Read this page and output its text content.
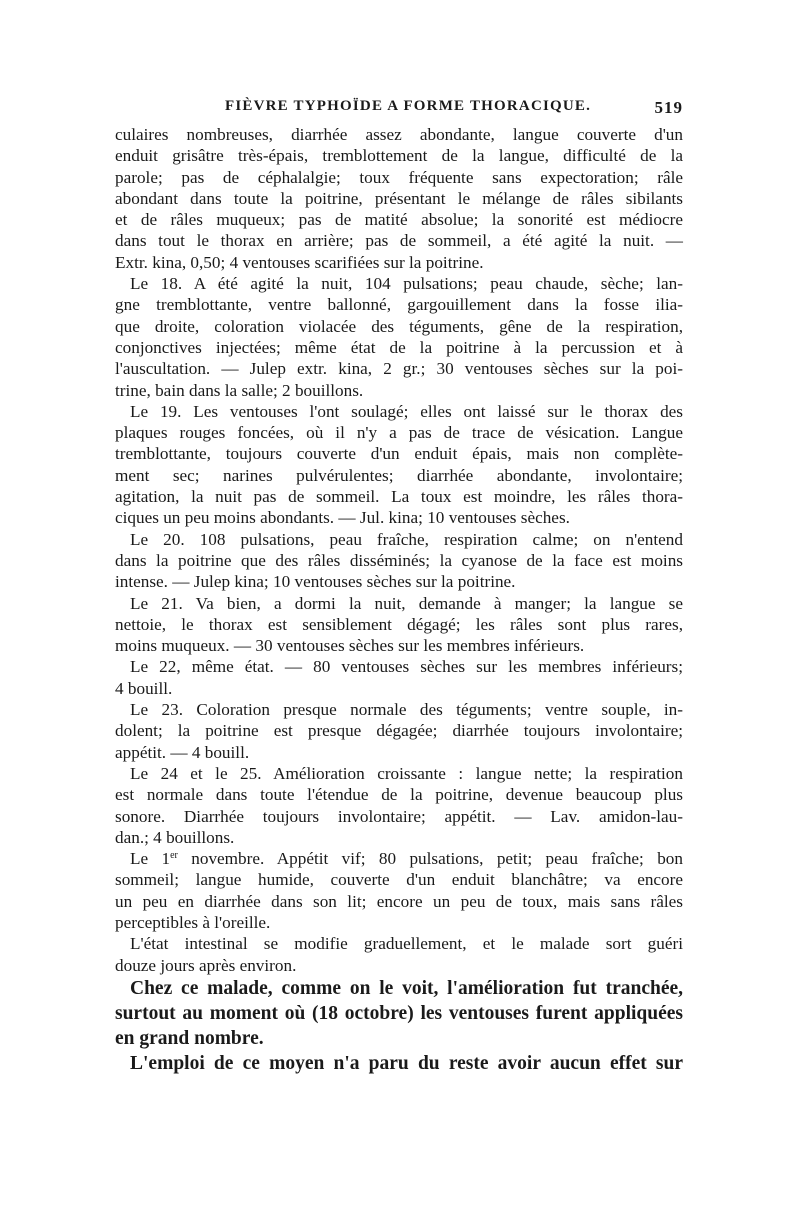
FIÈVRE TYPHOÏDE A FORME THORACIQUE.	519
culaires nombreuses, diarrhée assez abondante, langue couverte d'un
enduit grisâtre très-épais, tremblottement de la langue, difficulté de la
parole; pas de céphalalgie; toux fréquente sans expectoration; râle
abondant dans toute la poitrine, présentant le mélange de râles sibilants
et de râles muqueux; pas de matité absolue; la sonorité est médiocre
dans tout le thorax en arrière; pas de sommeil, a été agité la nuit. —
Extr. kina, 0,50; 4 ventouses scarifiées sur la poitrine.
Le 18. A été agité la nuit, 104 pulsations; peau chaude, sèche; lan-
gne tremblottante, ventre ballonné, gargouillement dans la fosse ilia-
que droite, coloration violacée des téguments, gêne de la respiration,
conjonctives injectées; même état de la poitrine à la percussion et à
l'auscultation. — Julep extr. kina, 2 gr.; 30 ventouses sèches sur la poi-
trine, bain dans la salle; 2 bouillons.
Le 19. Les ventouses l'ont soulagé; elles ont laissé sur le thorax des
plaques rouges foncées, où il n'y a pas de trace de vésication. Langue
tremblottante, toujours couverte d'un enduit épais, mais non complète-
ment sec; narines pulvérulentes; diarrhée abondante, involontaire;
agitation, la nuit pas de sommeil. La toux est moindre, les râles thora-
ciques un peu moins abondants. — Jul. kina; 10 ventouses sèches.
Le 20. 108 pulsations, peau fraîche, respiration calme; on n'entend
dans la poitrine que des râles disséminés; la cyanose de la face est moins
intense. — Julep kina; 10 ventouses sèches sur la poitrine.
Le 21. Va bien, a dormi la nuit, demande à manger; la langue se
nettoie, le thorax est sensiblement dégagé; les râles sont plus rares,
moins muqueux. — 30 ventouses sèches sur les membres inférieurs.
Le 22, même état. — 80 ventouses sèches sur les membres inférieurs;
4 bouill.
Le 23. Coloration presque normale des téguments; ventre souple, in-
dolent; la poitrine est presque dégagée; diarrhée toujours involontaire;
appétit. — 4 bouill.
Le 24 et le 25. Amélioration croissante : langue nette; la respiration
est normale dans toute l'étendue de la poitrine, devenue beaucoup plus
sonore. Diarrhée toujours involontaire; appétit. — Lav. amidon-lau-
dan.; 4 bouillons.
Le 1er novembre. Appétit vif; 80 pulsations, petit; peau fraîche; bon
sommeil; langue humide, couverte d'un enduit blanchâtre; va encore
un peu en diarrhée dans son lit; encore un peu de toux, mais sans râles
perceptibles à l'oreille.
L'état intestinal se modifie graduellement, et le malade sort guéri
douze jours après environ.
Chez ce malade, comme on le voit, l'amélioration fut tranchée,
surtout au moment où (18 octobre) les ventouses furent appliquées
en grand nombre.
L'emploi de ce moyen n'a paru du reste avoir aucun effet sur
